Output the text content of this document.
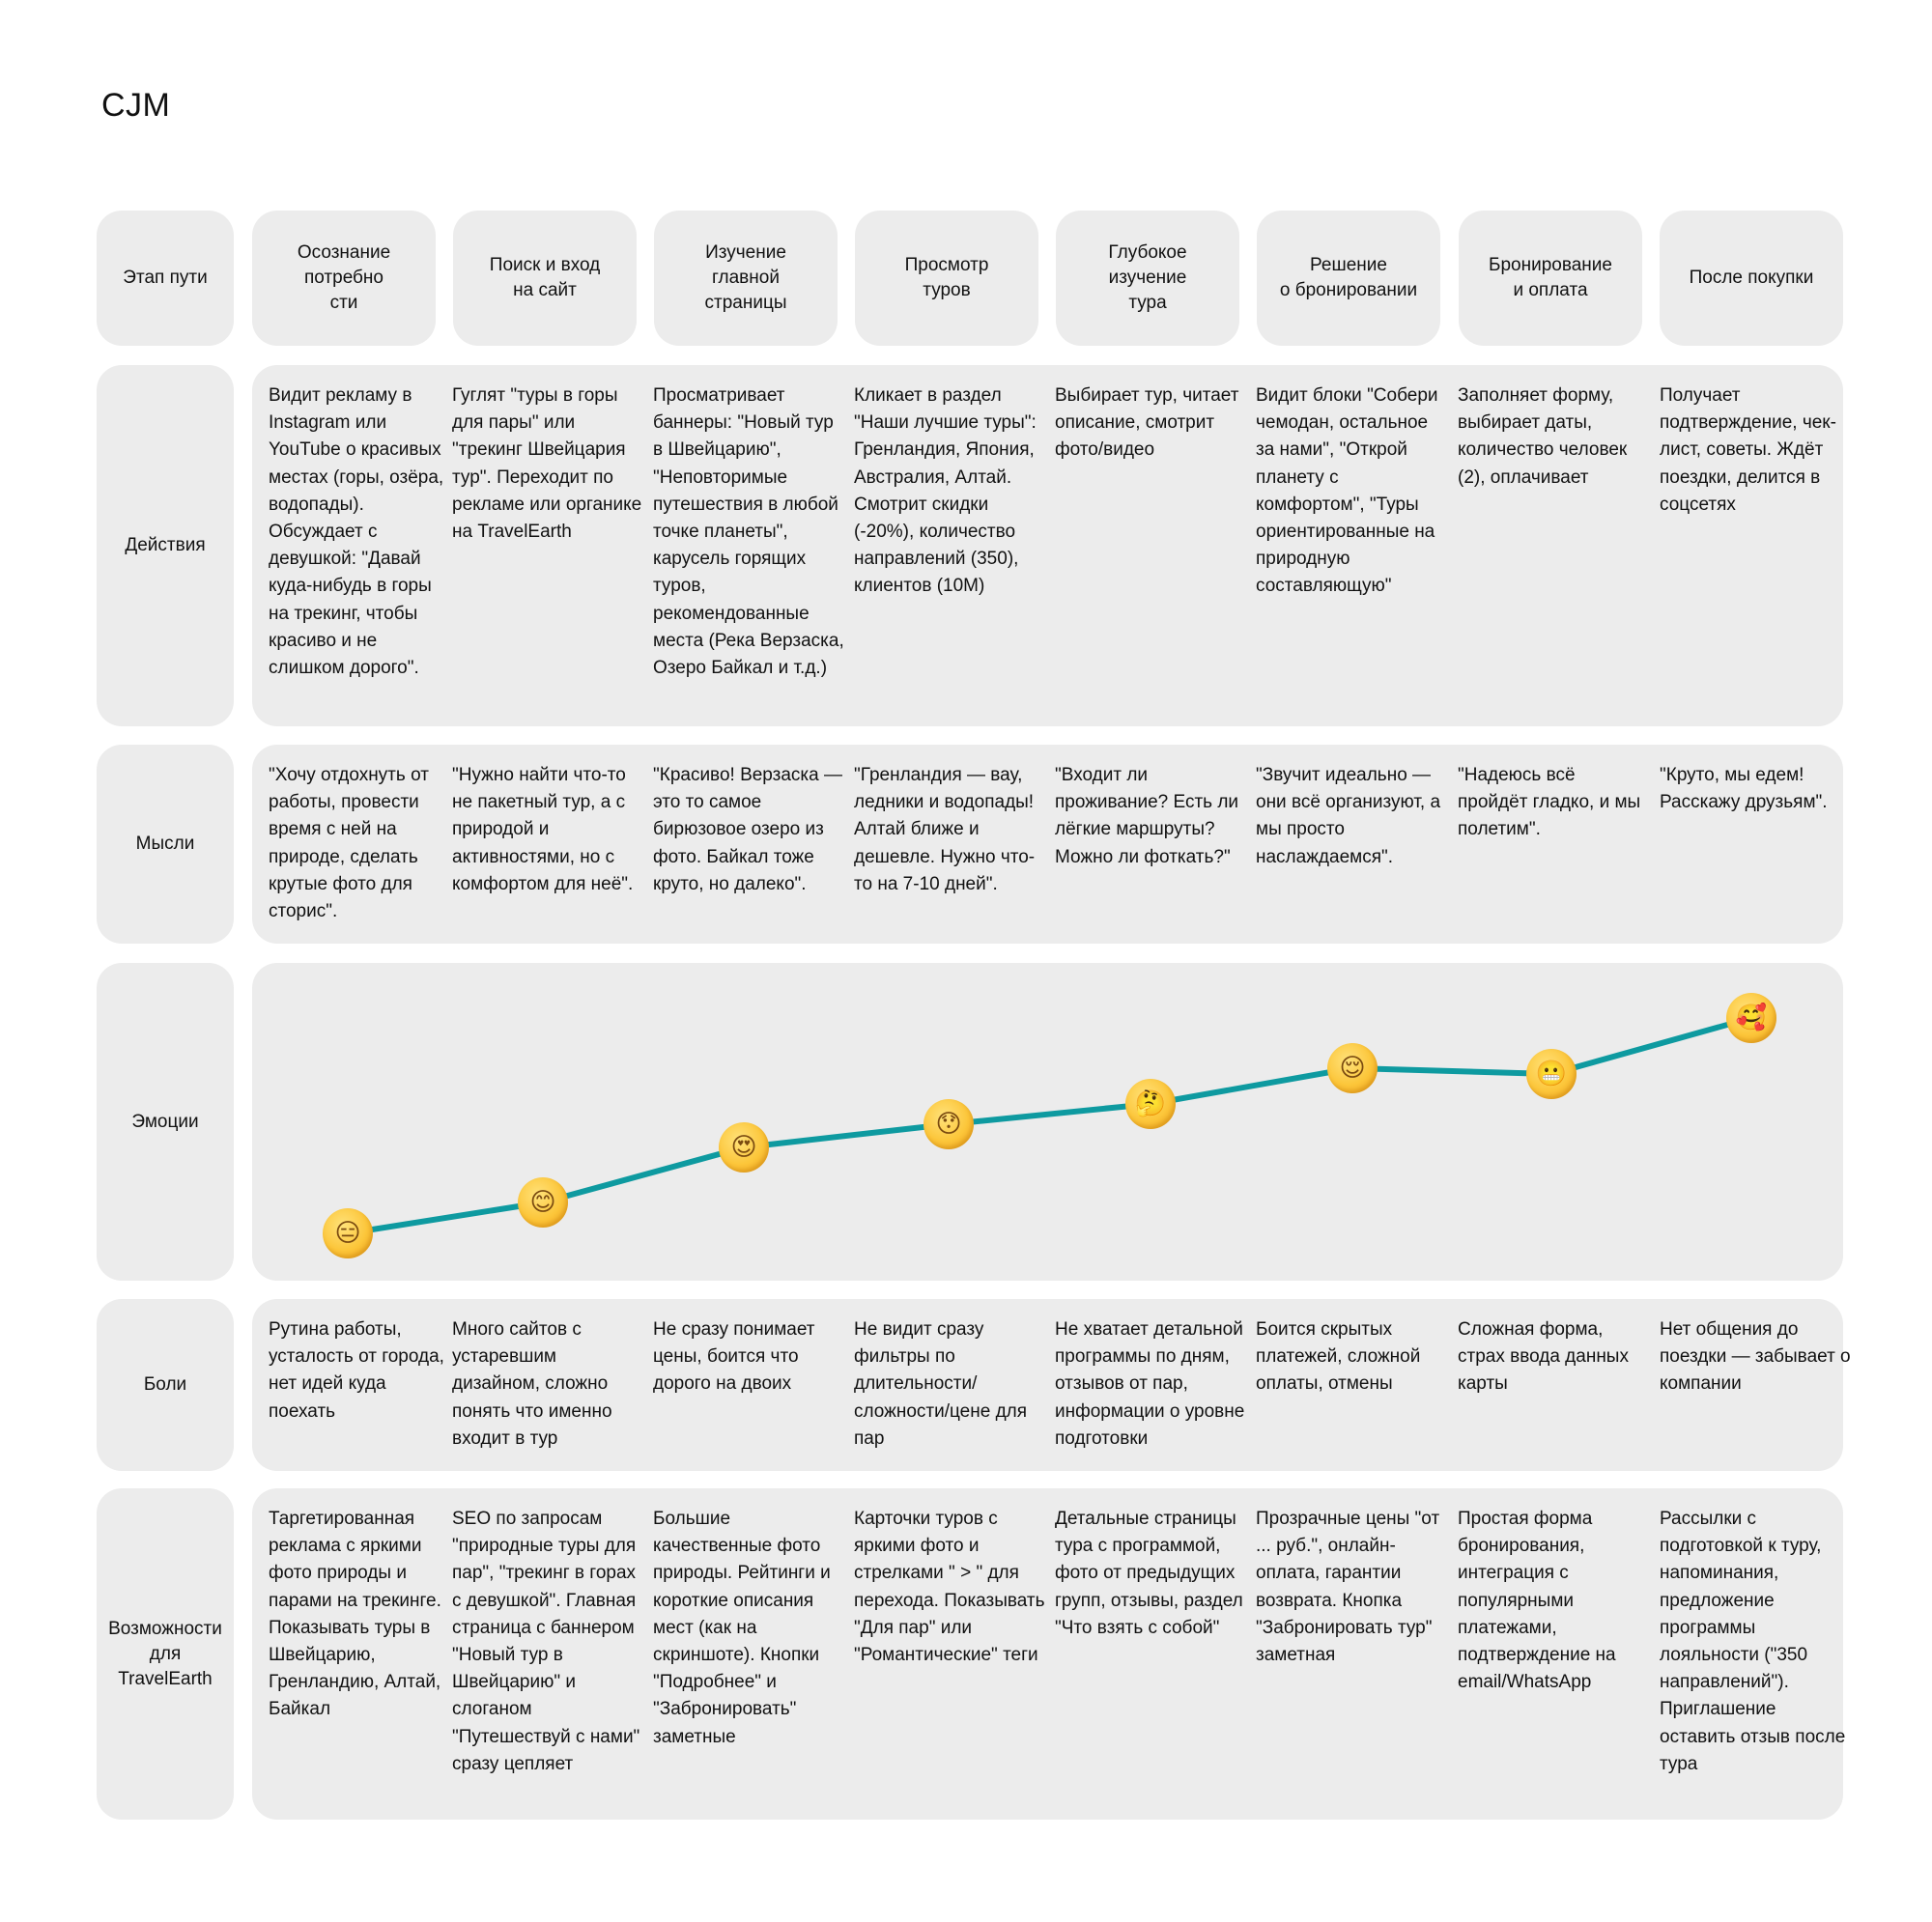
CJM
Этап пути
Действия
Мысли
Эмоции
Боли
Возможности
для
TravelEarth
Осознание
потребно
сти
Поиск и вход
на сайт
Изучение
главной
страницы
Просмотр
туров
Глубокое
изучение
тура
Решение
о бронировании
Бронирование
и оплата
После покупки
Видит рекламу в Instagram или YouTube о красивых местах (горы, озёра, водопады). Обсуждает с девушкой: "Давай куда-нибудь в горы на трекинг, чтобы красиво и не слишком дорого".
Гуглят "туры в горы для пары" или "трекинг Швейцария тур". Переходит по рекламе или органике на TravelEarth
Просматривает баннеры: "Новый тур в Швейцарию", "Неповторимые путешествия в любой точке планеты", карусель горящих туров, рекомендованные места (Река Верзаска, Озеро Байкал и т.д.)
Кликает в раздел "Наши лучшие туры": Гренландия, Япония, Австралия, Алтай. Смотрит скидки (-20%), количество направлений (350), клиентов (10M)
Выбирает тур, читает описание, смотрит фото/видео
Видит блоки "Собери чемодан, остальное за нами", "Открой планету с комфортом", "Туры ориентированные на природную составляющую"
Заполняет форму, выбирает даты, количество человек (2), оплачивает
Получает подтверждение, чек-лист, советы. Ждёт поездки, делится в соцсетях
"Хочу отдохнуть от работы, провести время с ней на природе, сделать крутые фото для сторис".
"Нужно найти что-то не пакетный тур, а с природой и активностями, но с комфортом для неё".
"Красиво! Верзаска — это то самое бирюзовое озеро из фото. Байкал тоже круто, но далеко".
"Гренландия — вау, ледники и водопады! Алтай ближе и дешевле. Нужно что-то на 7-10 дней".
"Входит ли проживание? Есть ли лёгкие маршруты? Можно ли фоткать?"
"Звучит идеально — они всё организуют, а мы просто наслаждаемся".
"Надеюсь всё пройдёт гладко, и мы полетим".
"Круто, мы едем! Расскажу друзьям".
Рутина работы, усталость от города, нет идей куда поехать
Много сайтов с устаревшим дизайном, сложно понять что именно входит в тур
Не сразу понимает цены, боится что дорого на двоих
Не видит сразу фильтры по длительности/ сложности/цене для пар
Не хватает детальной программы по дням, отзывов от пар, информации о уровне подготовки
Боится скрытых платежей, сложной оплаты, отмены
Сложная форма, страх ввода данных карты
Нет общения до поездки — забывает о компании
Таргетированная реклама с яркими фото природы и парами на трекинге. Показывать туры в Швейцарию, Гренландию, Алтай, Байкал
SEO по запросам "природные туры для пар", "трекинг в горах с девушкой". Главная страница с баннером "Новый тур в Швейцарию" и слоганом "Путешествуй с нами" сразу цепляет
Большие качественные фото природы. Рейтинги и короткие описания мест (как на скриншоте). Кнопки "Подробнее" и "Забронировать" заметные
Карточки туров с яркими фото и стрелками " > " для перехода. Показывать "Для пар" или "Романтические" теги
Детальные страницы тура с программой, фото от предыдущих групп, отзывы, раздел "Что взять с собой"
Прозрачные цены "от ... руб.", онлайн-оплата, гарантии возврата. Кнопка "Забронировать тур" заметная
Простая форма бронирования, интеграция с популярными платежами, подтверждение на email/WhatsApp
Рассылки с подготовкой к туру, напоминания, предложение программы лояльности ("350 направлений"). Приглашение оставить отзыв после тура
😑
😊
😍
😯
🤔
😌	😬
🥰
